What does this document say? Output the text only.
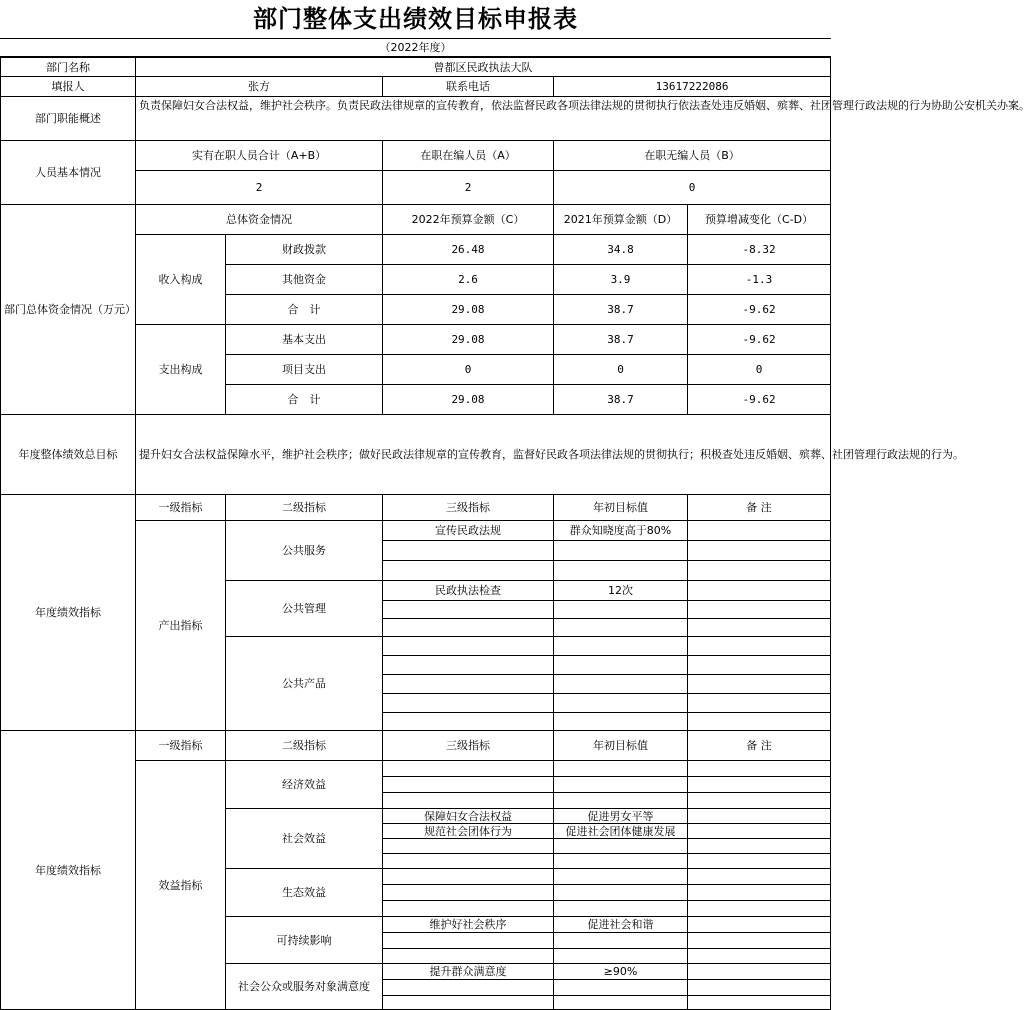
部门整体支出绩效目标申报表
（2022年度）
部门名称	曾都区民政执法大队				
填报人	张方		联系电话	13617222086	
部门职能概述	负责保障妇女合法权益，维护社会秩序。负责民政法律规章的宣传教育，依法监督民政各项法律法规的贯彻执行依法查处违反婚姻、殡葬、社团管理行政法规的行为协助公安机关办案。				
人员基本情况	实有在职人员合计（A+B）		在职在编人员（A）	在职无编人员（B）	
	2		2	0	
部门总体资金情况（万元）	总体资金情况		2022年预算金额（C）	2021年预算金额（D）	预算增减变化（C-D）
	收入构成	财政拨款	26.48	34.8	-8.32
		其他资金	2.6	3.9	-1.3
		合　计	29.08	38.7	-9.62
	支出构成	基本支出	29.08	38.7	-9.62
		项目支出	0	0	0
		合　计	29.08	38.7	-9.62
年度整体绩效总目标	提升妇女合法权益保障水平，维护社会秩序；做好民政法律规章的宣传教育，监督好民政各项法律法规的贯彻执行；积极查处违反婚姻、殡葬、社团管理行政法规的行为。				
年度绩效指标	一级指标	二级指标	三级指标	年初目标值	备 注
	产出指标	公共服务	宣传民政法规	群众知晓度高于80%	

		公共管理	民政执法检查	12次	

		公共产品			

年度绩效指标	一级指标	二级指标	三级指标	年初目标值	备 注
	效益指标	经济效益			

		社会效益	保障妇女合法权益	促进男女平等	
			规范社会团体行为	促进社会团体健康发展	

		生态效益			

		可持续影响	维护好社会秩序	促进社会和谐	

		社会公众或服务对象满意度	提升群众满意度	≥90%	
